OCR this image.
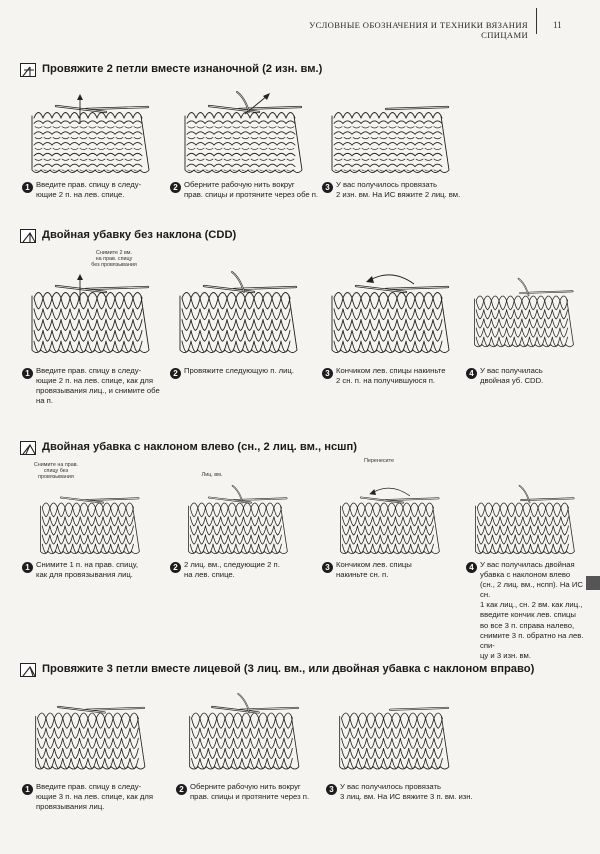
УСЛОВНЫЕ ОБОЗНАЧЕНИЯ И ТЕХНИКИ ВЯЗАНИЯ СПИЦАМИ
11
Провяжите 2 петли вместе изнаночной (2 изн. вм.)
1 Введите прав. спицу в следу-
ющие 2 п. на лев. спице.
2 Оберните рабочую нить вокруг
прав. спицы и протяните через обе п.
3 У вас получилось провязать
2 изн. вм. На ИС вяжите 2 лиц. вм.
Двойная убавку без наклона (CDD)
Снимите 2 вм.
на прав. спицу
без провязывания
1 Введите прав. спицу в следу-
ющие 2 п. на лев. спице, как для
провязывания лиц., и снимите обе
на п.
2 Провяжите следующую п. лиц.	3 Кончиком лев. спицы накиньте
2 сн. п. на получившуюся п.
4 У вас получилась
двойная уб. CDD.
Двойная убавка с наклоном влево (сн., 2 лиц. вм., нсшп)
Снимите на прав.
спицу без
провязывания	Лиц. вм.
Перенесите
1 Снимите 1 п. на прав. спицу,
как для провязывания лиц.
2 2 лиц. вм., следующие 2 п.
на лев. спице.
3 Кончиком лев. спицы
накиньте сн. п.
4 У вас получилась двойная
убавка с наклоном влево
(сн., 2 лиц. вм., нспп). На ИС сн.
1 как лиц., сн. 2 вм. как лиц.,
введите кончик лев. спицы
во все 3 п. справа налево,
снимите 3 п. обратно на лев. спи-
цу и 3 изн. вм.
Провяжите 3 петли вместе лицевой (3 лиц. вм., или двойная убавка с наклоном вправо)
1 Введите прав. спицу в следу-
ющие 3 п. на лев. спице, как для
провязывания лиц.
2 Оберните рабочую нить вокруг
прав. спицы и протяните через п.
3 У вас получилось провязать
3 лиц. вм. На ИС вяжите 3 п. вм. изн.
